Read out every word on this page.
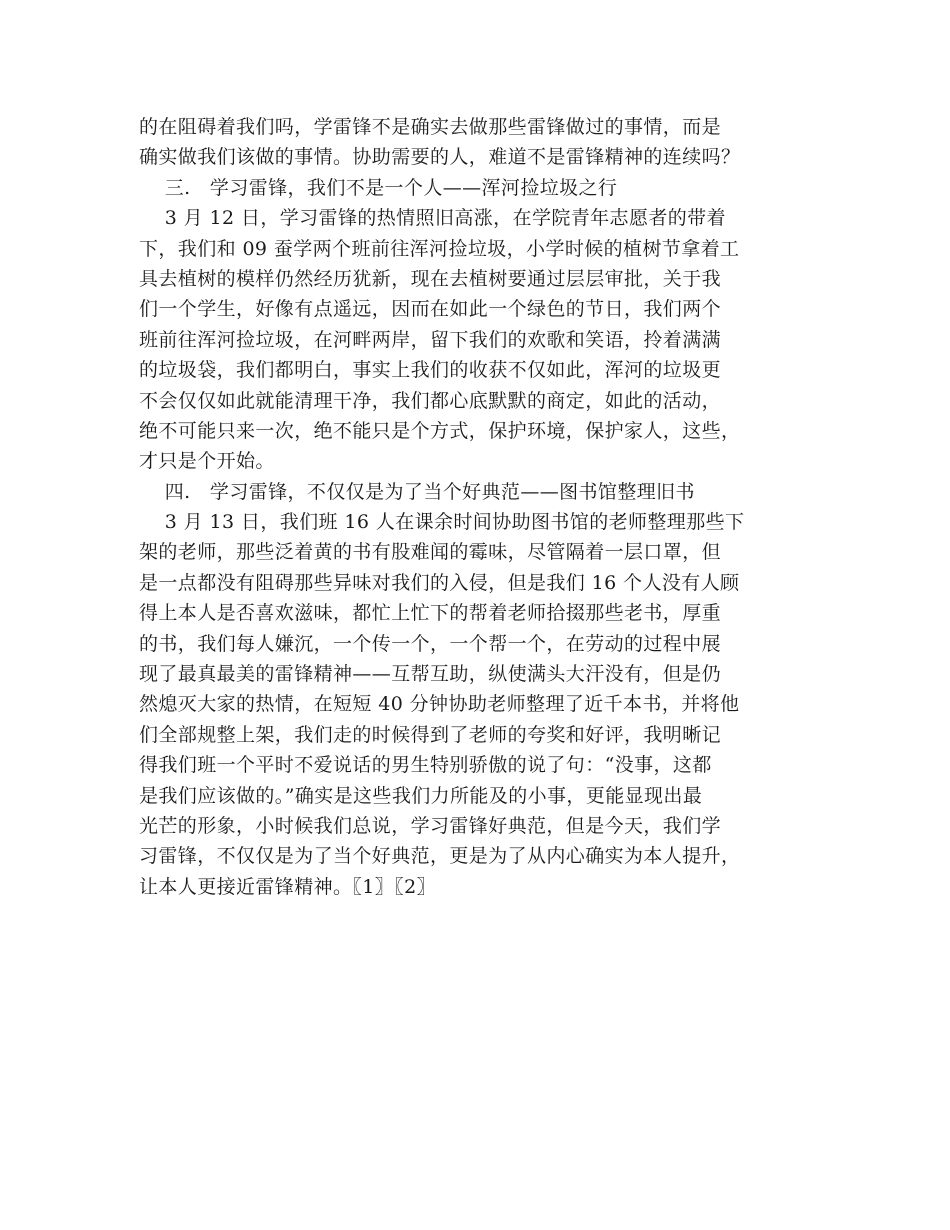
的在阻碍着我们吗，学雷锋不是确实去做那些雷锋做过的事情，而是
确实做我们该做的事情。协助需要的人，难道不是雷锋精神的连续吗？
三.   学习雷锋，我们不是一个人——浑河捡垃圾之行
3 月 12 日，学习雷锋的热情照旧高涨，在学院青年志愿者的带着
下，我们和 09 蚕学两个班前往浑河捡垃圾，小学时候的植树节拿着工
具去植树的模样仍然经历犹新，现在去植树要通过层层审批，关于我
们一个学生，好像有点遥远，因而在如此一个绿色的节日，我们两个
班前往浑河捡垃圾，在河畔两岸，留下我们的欢歌和笑语，拎着满满
的垃圾袋，我们都明白，事实上我们的收获不仅如此，浑河的垃圾更
不会仅仅如此就能清理干净，我们都心底默默的商定，如此的活动，
绝不可能只来一次，绝不能只是个方式，保护环境，保护家人，这些，
才只是个开始。
四.   学习雷锋，不仅仅是为了当个好典范——图书馆整理旧书
3 月 13 日，我们班 16 人在课余时间协助图书馆的老师整理那些下
架的老师，那些泛着黄的书有股难闻的霉味，尽管隔着一层口罩，但
是一点都没有阻碍那些异味对我们的入侵，但是我们 16 个人没有人顾
得上本人是否喜欢滋味，都忙上忙下的帮着老师拾掇那些老书，厚重
的书，我们每人嫌沉，一个传一个，一个帮一个，在劳动的过程中展
现了最真最美的雷锋精神——互帮互助，纵使满头大汗没有，但是仍
然熄灭大家的热情，在短短 40 分钟协助老师整理了近千本书，并将他
们全部规整上架，我们走的时候得到了老师的夸奖和好评，我明晰记
得我们班一个平时不爱说话的男生特别骄傲的说了句：“没事，这都
是我们应该做的。”确实是这些我们力所能及的小事，更能显现出最
光芒的形象，小时候我们总说，学习雷锋好典范，但是今天，我们学
习雷锋，不仅仅是为了当个好典范，更是为了从内心确实为本人提升，
让本人更接近雷锋精神。〖1〗〖2〗
